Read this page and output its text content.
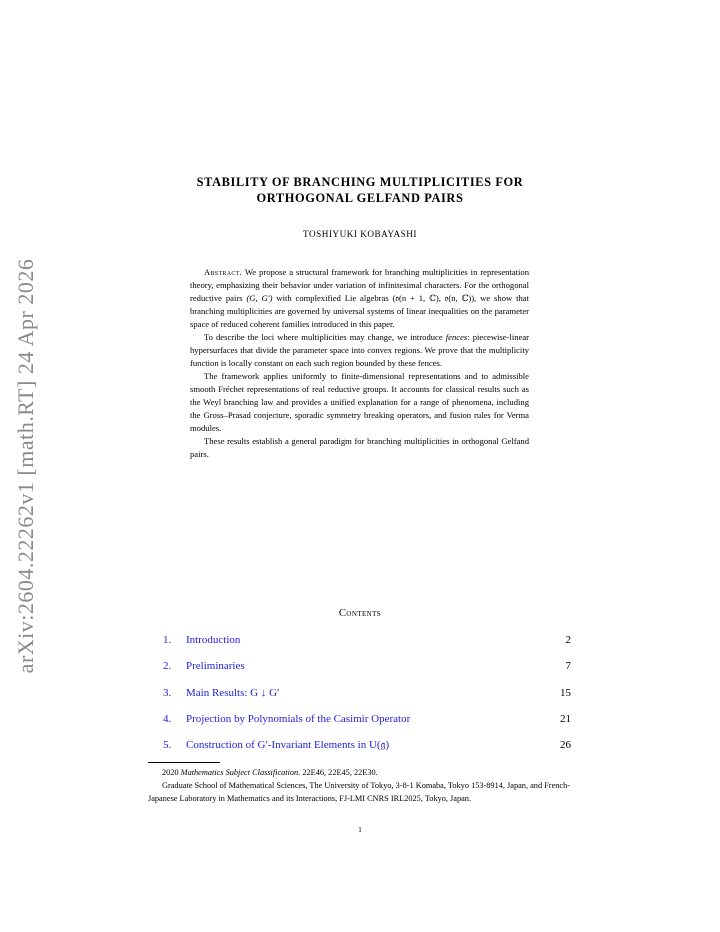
arXiv:2604.22262v1 [math.RT] 24 Apr 2026
STABILITY OF BRANCHING MULTIPLICITIES FOR
ORTHOGONAL GELFAND PAIRS
TOSHIYUKI KOBAYASHI

Abstract. We propose a structural framework for branching multiplicities in representation theory, emphasizing their behavior under variation of infinitesimal characters. For the orthogonal reductive pairs (G, G′) with complexified Lie algebras (𝔬(n + 1, ℂ), 𝔬(n, ℂ)), we show that branching multiplicities are governed by universal systems of linear inequalities on the parameter space of reduced coherent families introduced in this paper.

To describe the loci where multiplicities may change, we introduce fences: piecewise-linear hypersurfaces that divide the parameter space into convex regions. We prove that the multiplicity function is locally constant on each such region bounded by these fences.

The framework applies uniformly to finite-dimensional representations and to admissible smooth Fréchet representations of real reductive groups. It accounts for classical results such as the Weyl branching law and provides a unified explanation for a range of phenomena, including the Gross–Prasad conjecture, sporadic symmetry breaking operators, and fusion rules for Verma modules.

These results establish a general paradigm for branching multiplicities in orthogonal Gelfand pairs.

Contents
1. Introduction	2
2. Preliminaries	7
3. Main Results: G ↓ G′	15
4. Projection by Polynomials of the Casimir Operator	21
5. Construction of G′-Invariant Elements in U(𝔤)	26

2020 Mathematics Subject Classification. 22E46, 22E45, 22E30.

Graduate School of Mathematical Sciences, The University of Tokyo, 3-8-1 Komaba, Tokyo 153-8914, Japan, and French-Japanese Laboratory in Mathematics and its Interactions, FJ-LMI CNRS IRL2025, Tokyo, Japan.

1
